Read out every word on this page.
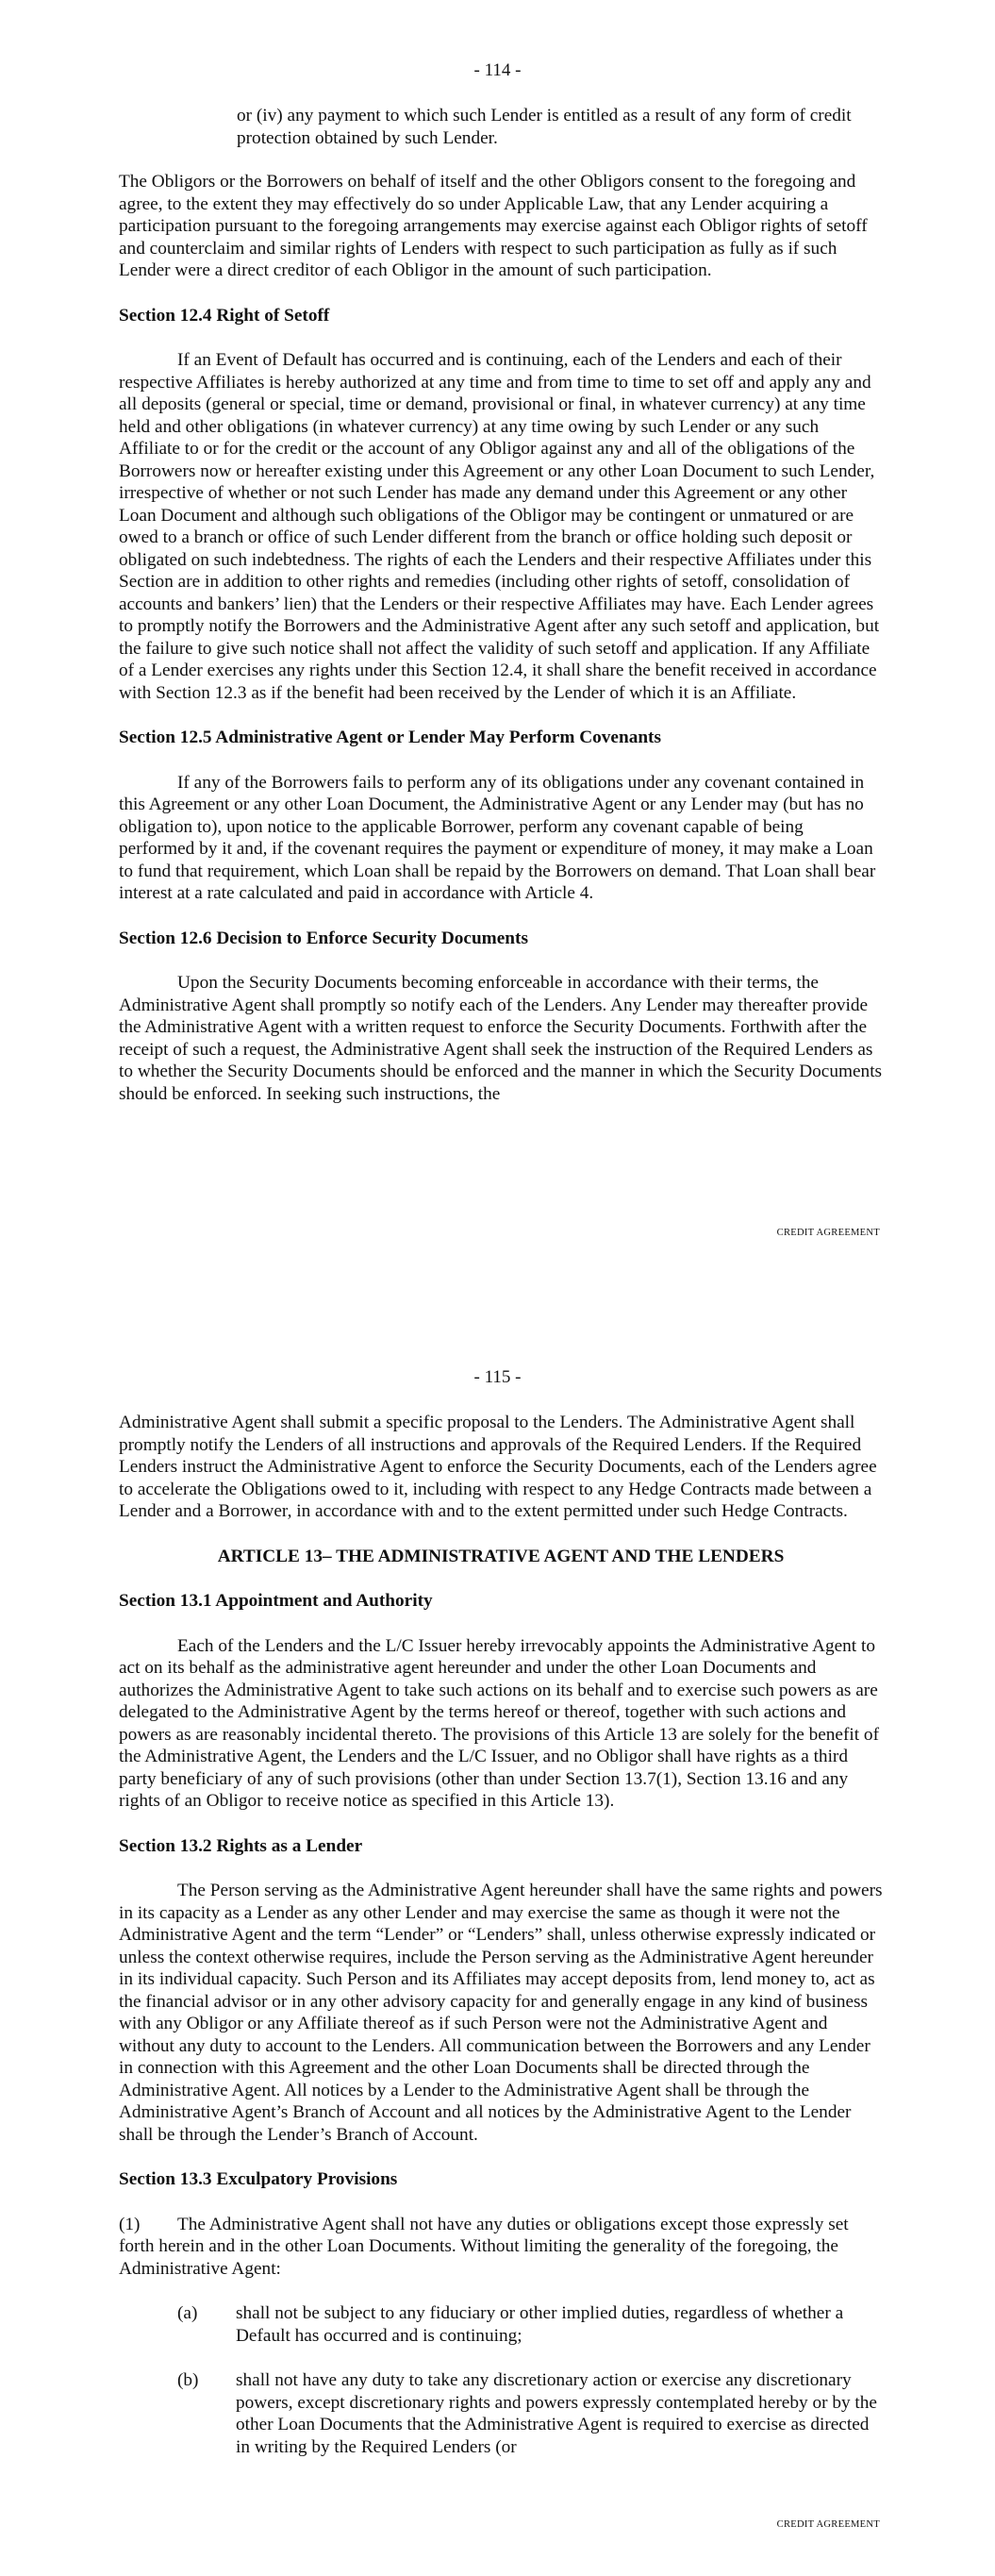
- 114 -

or (iv) any payment to which such Lender is entitled as a result of any form of credit protection obtained by such Lender.

The Obligors or the Borrowers on behalf of itself and the other Obligors consent to the foregoing and agree, to the extent they may effectively do so under Applicable Law, that any Lender acquiring a participation pursuant to the foregoing arrangements may exercise against each Obligor rights of setoff and counterclaim and similar rights of Lenders with respect to such participation as fully as if such Lender were a direct creditor of each Obligor in the amount of such participation.

Section 12.4 Right of Setoff

If an Event of Default has occurred and is continuing, each of the Lenders and each of their respective Affiliates is hereby authorized at any time and from time to time to set off and apply any and all deposits (general or special, time or demand, provisional or final, in whatever currency) at any time held and other obligations (in whatever currency) at any time owing by such Lender or any such Affiliate to or for the credit or the account of any Obligor against any and all of the obligations of the Borrowers now or hereafter existing under this Agreement or any other Loan Document to such Lender, irrespective of whether or not such Lender has made any demand under this Agreement or any other Loan Document and although such obligations of the Obligor may be contingent or unmatured or are owed to a branch or office of such Lender different from the branch or office holding such deposit or obligated on such indebtedness. The rights of each the Lenders and their respective Affiliates under this Section are in addition to other rights and remedies (including other rights of setoff, consolidation of accounts and bankers’ lien) that the Lenders or their respective Affiliates may have. Each Lender agrees to promptly notify the Borrowers and the Administrative Agent after any such setoff and application, but the failure to give such notice shall not affect the validity of such setoff and application. If any Affiliate of a Lender exercises any rights under this Section 12.4, it shall share the benefit received in accordance with Section 12.3 as if the benefit had been received by the Lender of which it is an Affiliate.

Section 12.5 Administrative Agent or Lender May Perform Covenants

If any of the Borrowers fails to perform any of its obligations under any covenant contained in this Agreement or any other Loan Document, the Administrative Agent or any Lender may (but has no obligation to), upon notice to the applicable Borrower, perform any covenant capable of being performed by it and, if the covenant requires the payment or expenditure of money, it may make a Loan to fund that requirement, which Loan shall be repaid by the Borrowers on demand. That Loan shall bear interest at a rate calculated and paid in accordance with Article 4.

Section 12.6 Decision to Enforce Security Documents

Upon the Security Documents becoming enforceable in accordance with their terms, the Administrative Agent shall promptly so notify each of the Lenders. Any Lender may thereafter provide the Administrative Agent with a written request to enforce the Security Documents. Forthwith after the receipt of such a request, the Administrative Agent shall seek the instruction of the Required Lenders as to whether the Security Documents should be enforced and the manner in which the Security Documents should be enforced. In seeking such instructions, the

CREDIT AGREEMENT
- 115 -

Administrative Agent shall submit a specific proposal to the Lenders. The Administrative Agent shall promptly notify the Lenders of all instructions and approvals of the Required Lenders. If the Required Lenders instruct the Administrative Agent to enforce the Security Documents, each of the Lenders agree to accelerate the Obligations owed to it, including with respect to any Hedge Contracts made between a Lender and a Borrower, in accordance with and to the extent permitted under such Hedge Contracts.

ARTICLE 13– THE ADMINISTRATIVE AGENT AND THE LENDERS

Section 13.1 Appointment and Authority

Each of the Lenders and the L/C Issuer hereby irrevocably appoints the Administrative Agent to act on its behalf as the administrative agent hereunder and under the other Loan Documents and authorizes the Administrative Agent to take such actions on its behalf and to exercise such powers as are delegated to the Administrative Agent by the terms hereof or thereof, together with such actions and powers as are reasonably incidental thereto. The provisions of this Article 13 are solely for the benefit of the Administrative Agent, the Lenders and the L/C Issuer, and no Obligor shall have rights as a third party beneficiary of any of such provisions (other than under Section 13.7(1), Section 13.16 and any rights of an Obligor to receive notice as specified in this Article 13).

Section 13.2 Rights as a Lender

The Person serving as the Administrative Agent hereunder shall have the same rights and powers in its capacity as a Lender as any other Lender and may exercise the same as though it were not the Administrative Agent and the term “Lender” or “Lenders” shall, unless otherwise expressly indicated or unless the context otherwise requires, include the Person serving as the Administrative Agent hereunder in its individual capacity. Such Person and its Affiliates may accept deposits from, lend money to, act as the financial advisor or in any other advisory capacity for and generally engage in any kind of business with any Obligor or any Affiliate thereof as if such Person were not the Administrative Agent and without any duty to account to the Lenders. All communication between the Borrowers and any Lender in connection with this Agreement and the other Loan Documents shall be directed through the Administrative Agent. All notices by a Lender to the Administrative Agent shall be through the Administrative Agent’s Branch of Account and all notices by the Administrative Agent to the Lender shall be through the Lender’s Branch of Account.

Section 13.3 Exculpatory Provisions

(1)	The Administrative Agent shall not have any duties or obligations except those expressly set forth herein and in the other Loan Documents. Without limiting the generality of the foregoing, the Administrative Agent:
(a)	shall not be subject to any fiduciary or other implied duties, regardless of whether a Default has occurred and is continuing;
(b)	shall not have any duty to take any discretionary action or exercise any discretionary powers, except discretionary rights and powers expressly contemplated hereby or by the other Loan Documents that the Administrative Agent is required to exercise as directed in writing by the Required Lenders (or
CREDIT AGREEMENT
